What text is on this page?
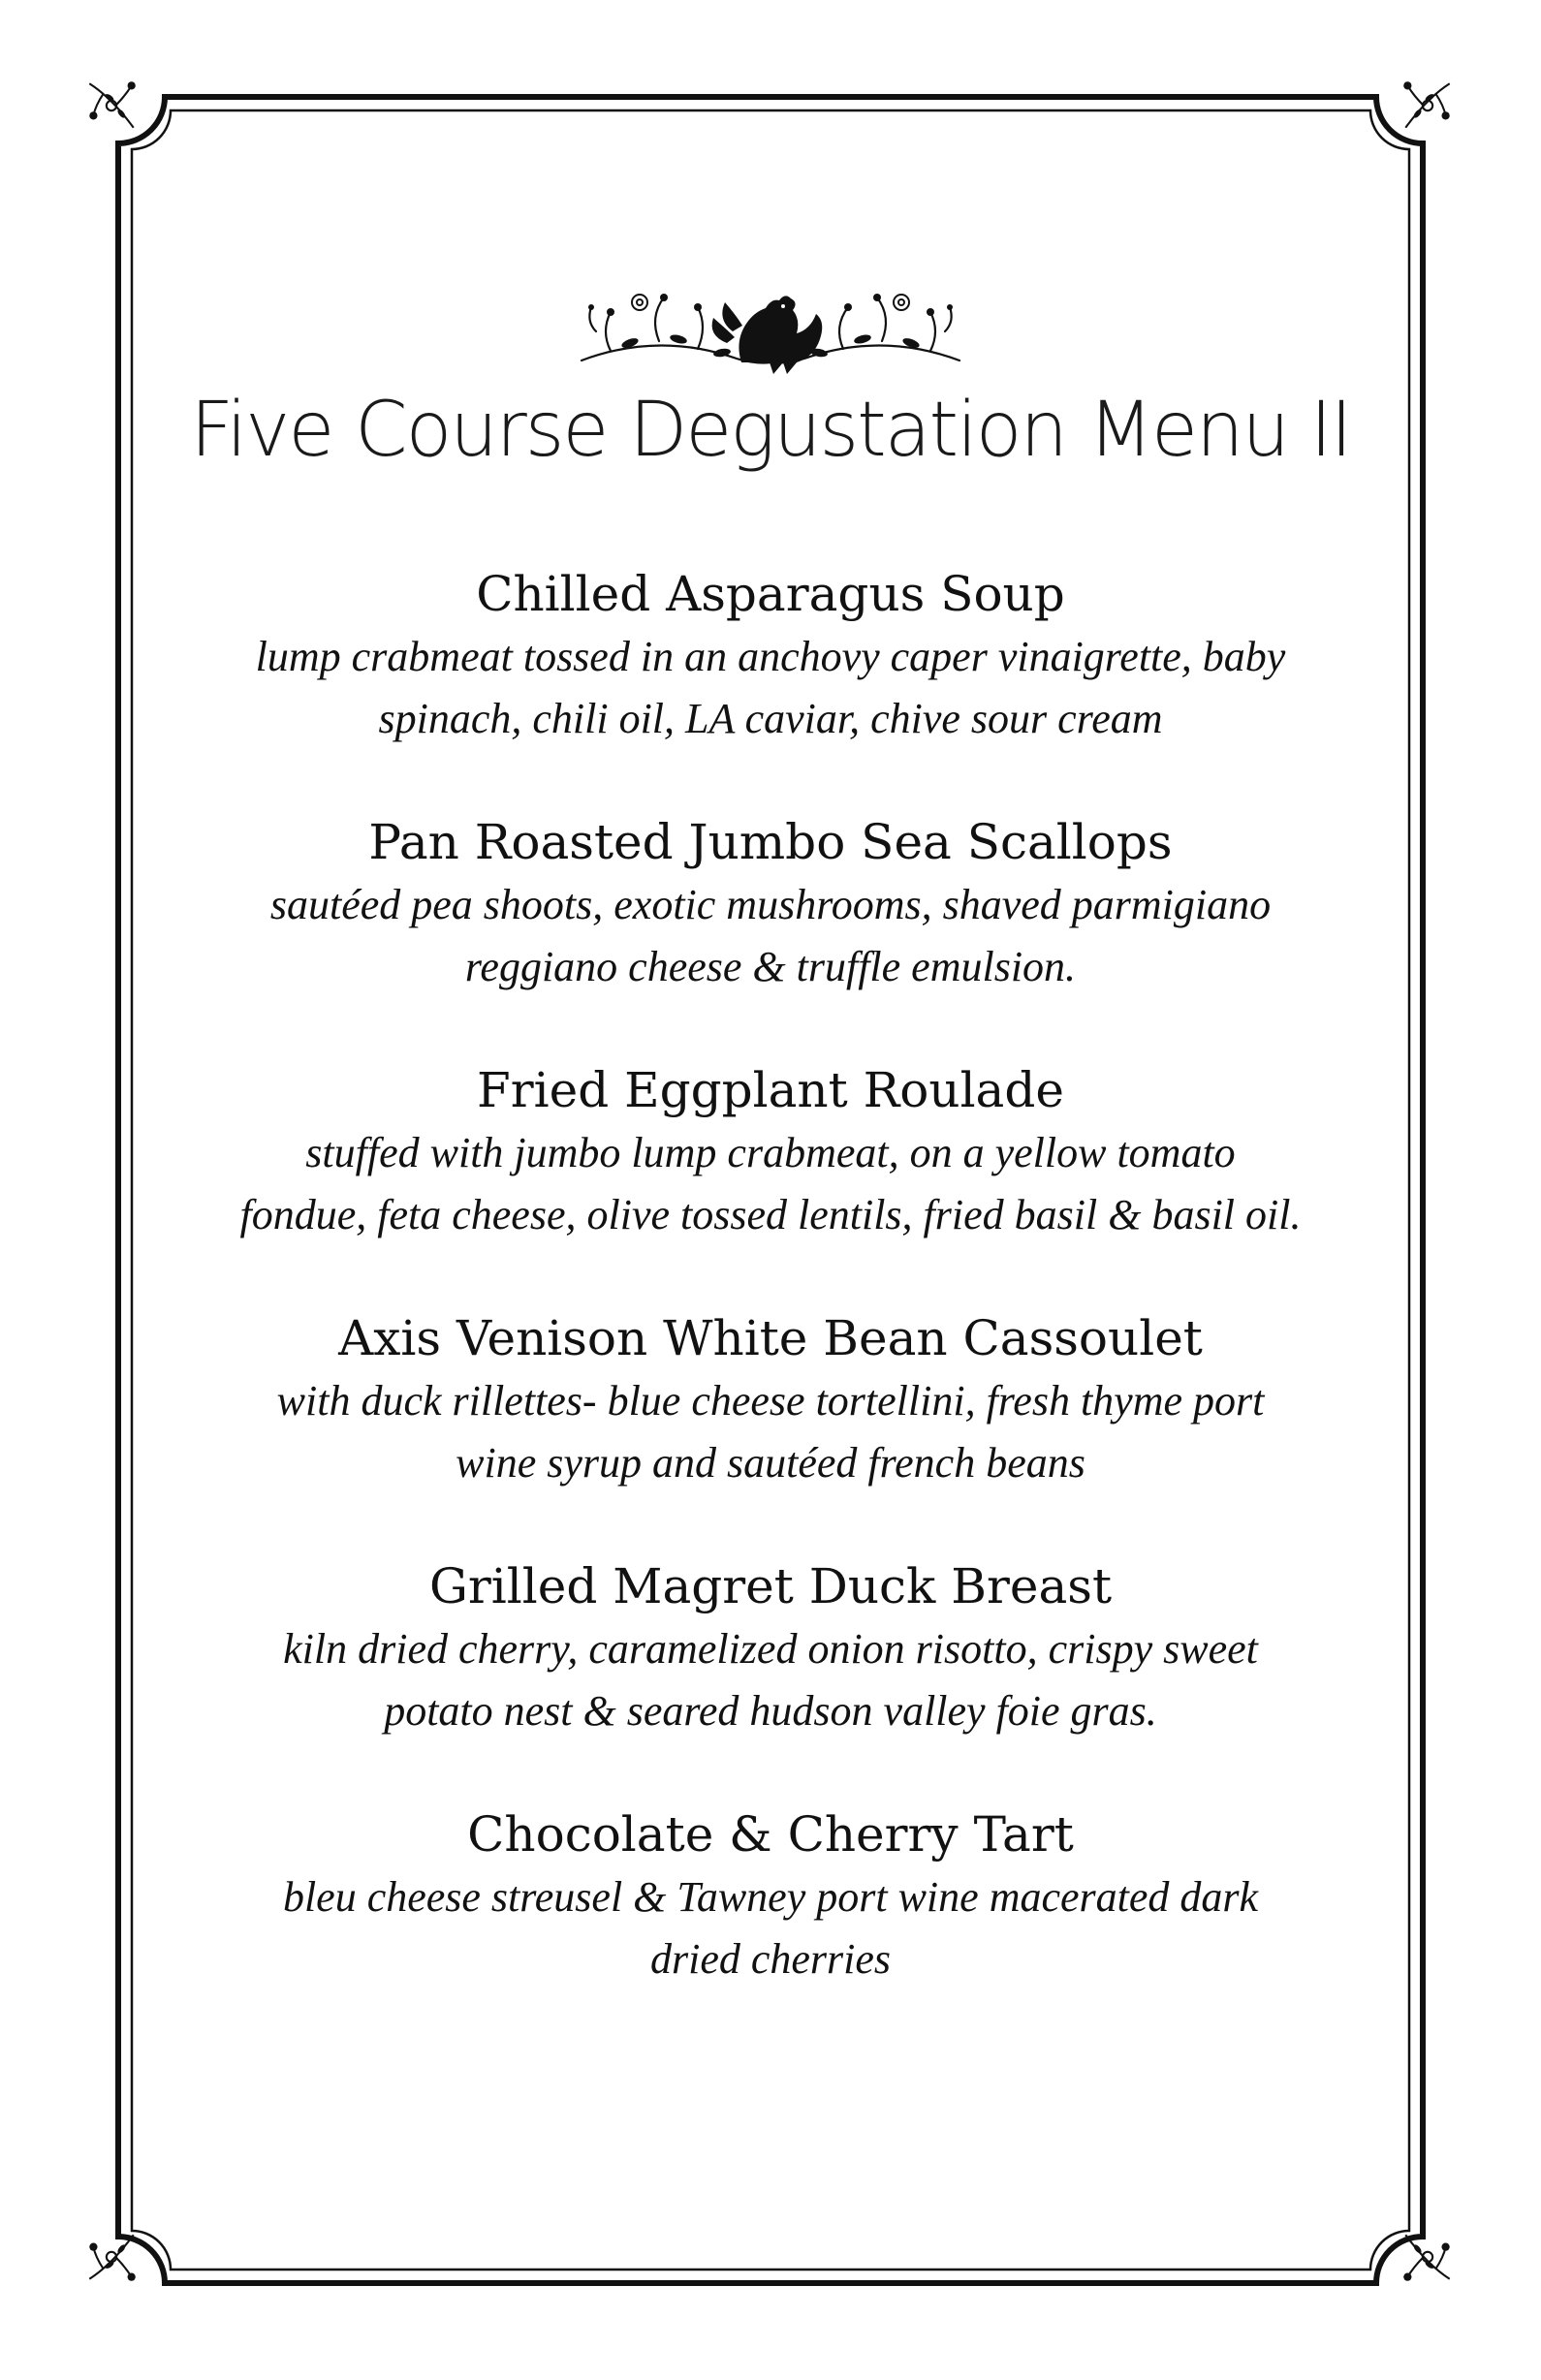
Five Course Degustation Menu II
Chilled Asparagus Soup
lump crabmeat tossed in an anchovy caper vinaigrette, baby
spinach, chili oil, LA caviar, chive sour cream
Pan Roasted Jumbo Sea Scallops
sautéed pea shoots, exotic mushrooms, shaved parmigiano
reggiano cheese & truffle emulsion.
Fried Eggplant Roulade
stuffed with jumbo lump crabmeat, on a yellow tomato
fondue, feta cheese, olive tossed lentils, fried basil & basil oil.
Axis Venison White Bean Cassoulet
with duck rillettes- blue cheese tortellini, fresh thyme port
wine syrup and sautéed french beans
Grilled Magret Duck Breast
kiln dried cherry, caramelized onion risotto, crispy sweet
potato nest & seared hudson valley foie gras.
Chocolate & Cherry Tart
bleu cheese streusel & Tawney port wine macerated dark
dried cherries
